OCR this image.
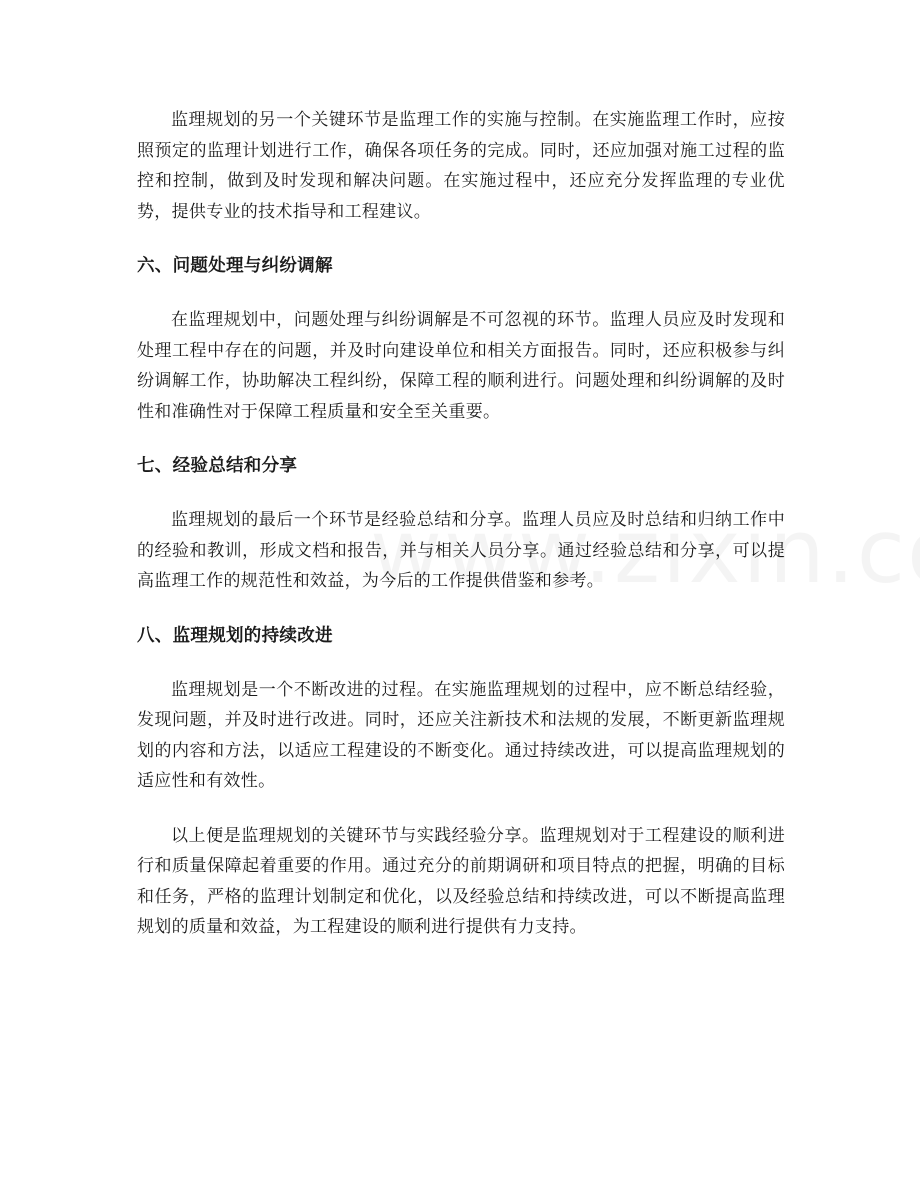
监理规划的另一个关键环节是监理工作的实施与控制。在实施监理工作时，应按照预定的监理计划进行工作，确保各项任务的完成。同时，还应加强对施工过程的监控和控制，做到及时发现和解决问题。在实施过程中，还应充分发挥监理的专业优势，提供专业的技术指导和工程建议。

六、问题处理与纠纷调解

在监理规划中，问题处理与纠纷调解是不可忽视的环节。监理人员应及时发现和处理工程中存在的问题，并及时向建设单位和相关方面报告。同时，还应积极参与纠纷调解工作，协助解决工程纠纷，保障工程的顺利进行。问题处理和纠纷调解的及时性和准确性对于保障工程质量和安全至关重要。

七、经验总结和分享

监理规划的最后一个环节是经验总结和分享。监理人员应及时总结和归纳工作中的经验和教训，形成文档和报告，并与相关人员分享。通过经验总结和分享，可以提高监理工作的规范性和效益，为今后的工作提供借鉴和参考。

八、监理规划的持续改进

监理规划是一个不断改进的过程。在实施监理规划的过程中，应不断总结经验，发现问题，并及时进行改进。同时，还应关注新技术和法规的发展，不断更新监理规划的内容和方法，以适应工程建设的不断变化。通过持续改进，可以提高监理规划的适应性和有效性。

以上便是监理规划的关键环节与实践经验分享。监理规划对于工程建设的顺利进行和质量保障起着重要的作用。通过充分的前期调研和项目特点的把握，明确的目标和任务，严格的监理计划制定和优化，以及经验总结和持续改进，可以不断提高监理规划的质量和效益，为工程建设的顺利进行提供有力支持。
